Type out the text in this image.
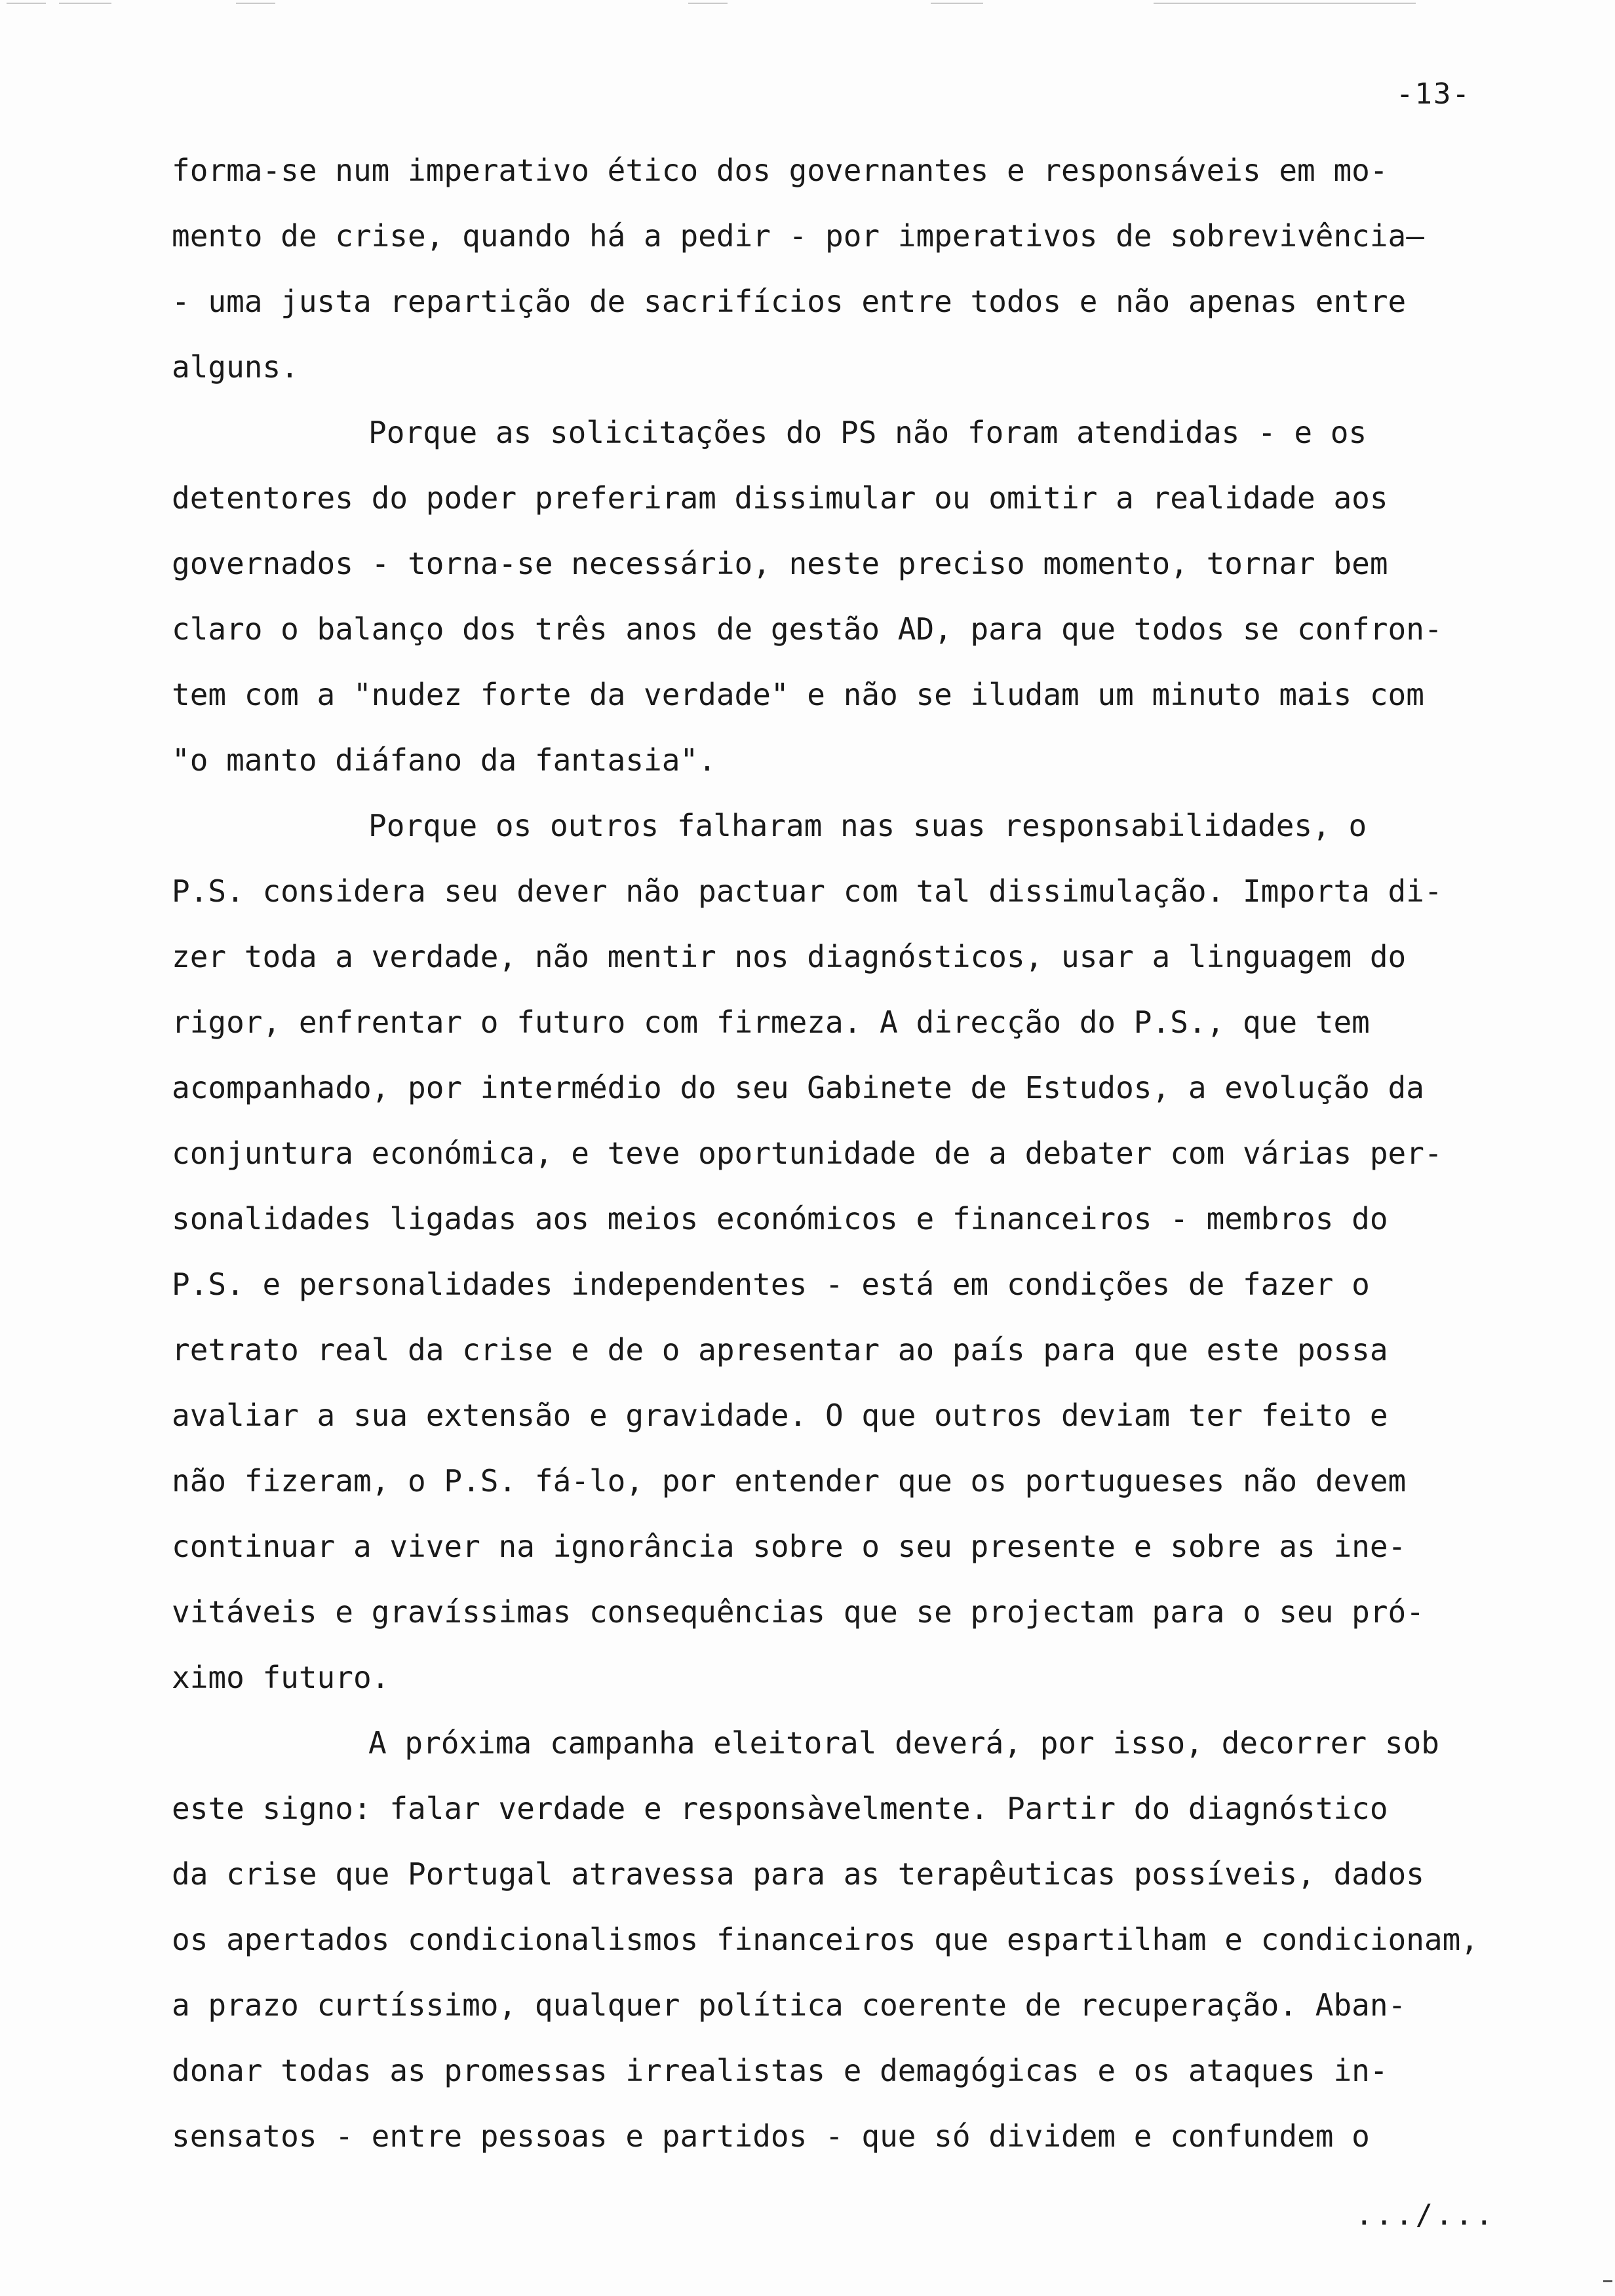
-13-
forma-se num imperativo ético dos governantes e responsáveis em mo-
mento de crise, quando há a pedir - por imperativos de sobrevivência—
- uma justa repartição de sacrifícios entre todos e não apenas entre
alguns.
Porque as solicitações do PS não foram atendidas - e os
detentores do poder preferiram dissimular ou omitir a realidade aos
governados - torna-se necessário, neste preciso momento, tornar bem
claro o balanço dos três anos de gestão AD, para que todos se confron-
tem com a "nudez forte da verdade" e não se iludam um minuto mais com
"o manto diáfano da fantasia".
Porque os outros falharam nas suas responsabilidades, o
P.S. considera seu dever não pactuar com tal dissimulação. Importa di-
zer toda a verdade, não mentir nos diagnósticos, usar a linguagem do
rigor, enfrentar o futuro com firmeza. A direcção do P.S., que tem
acompanhado, por intermédio do seu Gabinete de Estudos, a evolução da
conjuntura económica, e teve oportunidade de a debater com várias per-
sonalidades ligadas aos meios económicos e financeiros - membros do
P.S. e personalidades independentes - está em condições de fazer o
retrato real da crise e de o apresentar ao país para que este possa
avaliar a sua extensão e gravidade. O que outros deviam ter feito e
não fizeram, o P.S. fá-lo, por entender que os portugueses não devem
continuar a viver na ignorância sobre o seu presente e sobre as ine-
vitáveis e gravíssimas consequências que se projectam para o seu pró-
ximo futuro.
A próxima campanha eleitoral deverá, por isso, decorrer sob
este signo: falar verdade e responsàvelmente. Partir do diagnóstico
da crise que Portugal atravessa para as terapêuticas possíveis, dados
os apertados condicionalismos financeiros que espartilham e condicionam,
a prazo curtíssimo, qualquer política coerente de recuperação. Aban-
donar todas as promessas irrealistas e demagógicas e os ataques in-
sensatos - entre pessoas e partidos - que só dividem e confundem o
.../...
